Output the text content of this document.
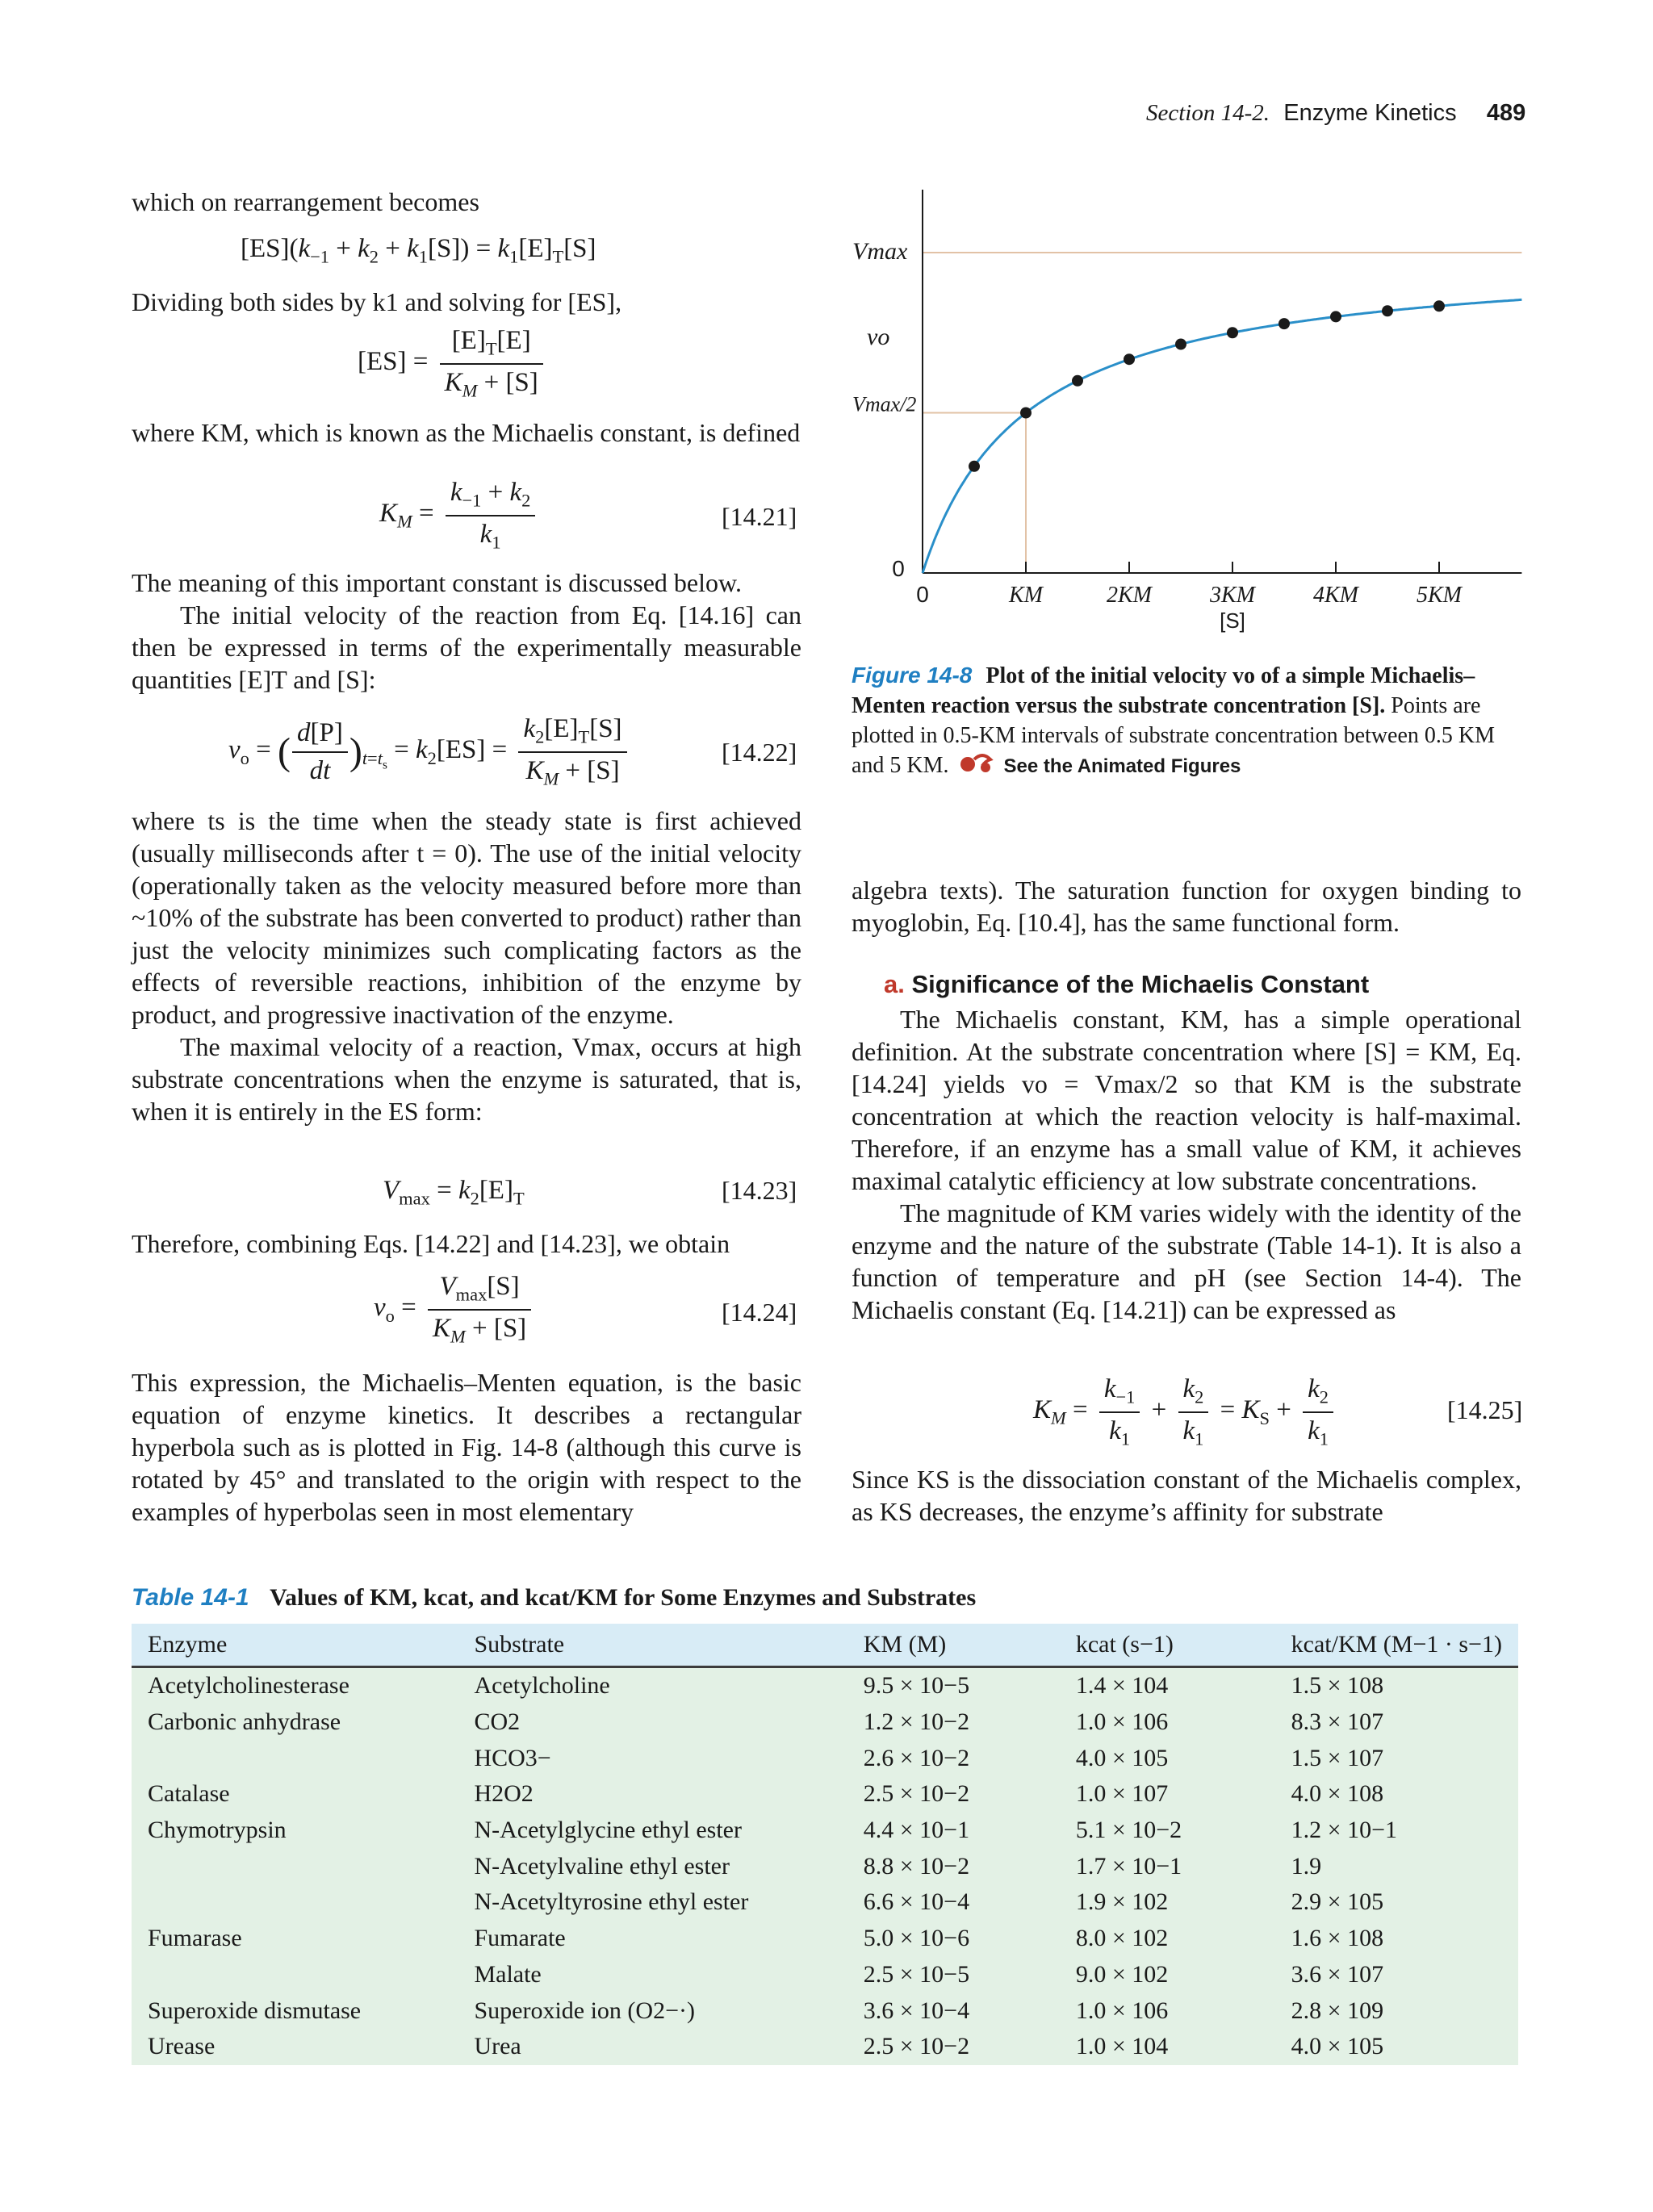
Section 14-2. Enzyme Kinetics 489

which on rearrangement becomes

$[ES](k_{-1} + k_2 + k_1[S]) = k_1[E]_T[S]$

Dividing both sides by k1 and solving for [ES],

$[ES] = \frac{[E]_T[E]}{K_M + [S]}$

where KM, which is known as the Michaelis constant, is defined

$K_M = \frac{k_{-1} + k_2}{k_1}$	[14.21]

The meaning of this important constant is discussed below.

The initial velocity of the reaction from Eq. [14.16] can then be expressed in terms of the experimentally measurable quantities [E]T and [S]:

$v_o$ = ( $\frac{d[P]}{dt} )_{t=t_s} = k_2[ES] = \frac{k_2[E]_T[S]}{K_M + [S]}$	[14.22]

where ts is the time when the steady state is first achieved (usually milliseconds after t = 0). The use of the initial velocity (operationally taken as the velocity measured before more than ~10% of the substrate has been converted to product) rather than just the velocity minimizes such complicating factors as the effects of reversible reactions, inhibition of the enzyme by product, and progressive inactivation of the enzyme.

The maximal velocity of a reaction, Vmax, occurs at high substrate concentrations when the enzyme is saturated, that is, when it is entirely in the ES form:

$V_{max} = k_2[E]_T$	[14.23]

Therefore, combining Eqs. [14.22] and [14.23], we obtain

$v_o = \frac{V_{max}[S]}{K_M + [S]}$	[14.24]

This expression, the Michaelis–Menten equation, is the basic equation of enzyme kinetics. It describes a rectangular hyperbola such as is plotted in Fig. 14-8 (although this curve is rotated by 45° and translated to the origin with respect to the examples of hyperbolas seen in most elementary

0	KM	2KM	3KM	4KM	5KM
[S]
0
Vmax
Vmax/2
vo
Figure 14-8 Plot of the initial velocity vo of a simple Michaelis–Menten reaction versus the substrate concentration [S]. Points are plotted in 0.5-KM intervals of substrate concentration between 0.5 KM and 5 KM.	See the Animated Figures

algebra texts). The saturation function for oxygen binding to myoglobin, Eq. [10.4], has the same functional form.

a. Significance of the Michaelis Constant

The Michaelis constant, KM, has a simple operational definition. At the substrate concentration where [S] = KM, Eq. [14.24] yields vo = Vmax/2 so that KM is the substrate concentration at which the reaction velocity is half-maximal. Therefore, if an enzyme has a small value of KM, it achieves maximal catalytic efficiency at low substrate concentrations.

The magnitude of KM varies widely with the identity of the enzyme and the nature of the substrate (Table 14-1). It is also a function of temperature and pH (see Section 14-4). The Michaelis constant (Eq. [14.21]) can be expressed as

$K_M = \frac{k_{-1}}{k_1} + \frac{k_2}{k_1} = K_S + \frac{k_2}{k_1}$	[14.25]

Since KS is the dissociation constant of the Michaelis complex, as KS decreases, the enzyme’s affinity for substrate

Table 14-1 Values of KM, kcat, and kcat/KM for Some Enzymes and Substrates
Enzyme	Substrate	KM (M)	kcat (s−1)	kcat/KM (M−1 · s−1)
Acetylcholinesterase	Acetylcholine	9.5 × 10−5	1.4 × 104	1.5 × 108
Carbonic anhydrase	CO2	1.2 × 10−2	1.0 × 106	8.3 × 107
	HCO3−	2.6 × 10−2	4.0 × 105	1.5 × 107
Catalase	H2O2	2.5 × 10−2	1.0 × 107	4.0 × 108
Chymotrypsin	N-Acetylglycine ethyl ester	4.4 × 10−1	5.1 × 10−2	1.2 × 10−1
	N-Acetylvaline ethyl ester	8.8 × 10−2	1.7 × 10−1	1.9
	N-Acetyltyrosine ethyl ester	6.6 × 10−4	1.9 × 102	2.9 × 105
Fumarase	Fumarate	5.0 × 10−6	8.0 × 102	1.6 × 108
	Malate	2.5 × 10−5	9.0 × 102	3.6 × 107
Superoxide dismutase	Superoxide ion (O2−·)	3.6 × 10−4	1.0 × 106	2.8 × 109
Urease	Urea	2.5 × 10−2	1.0 × 104	4.0 × 105
